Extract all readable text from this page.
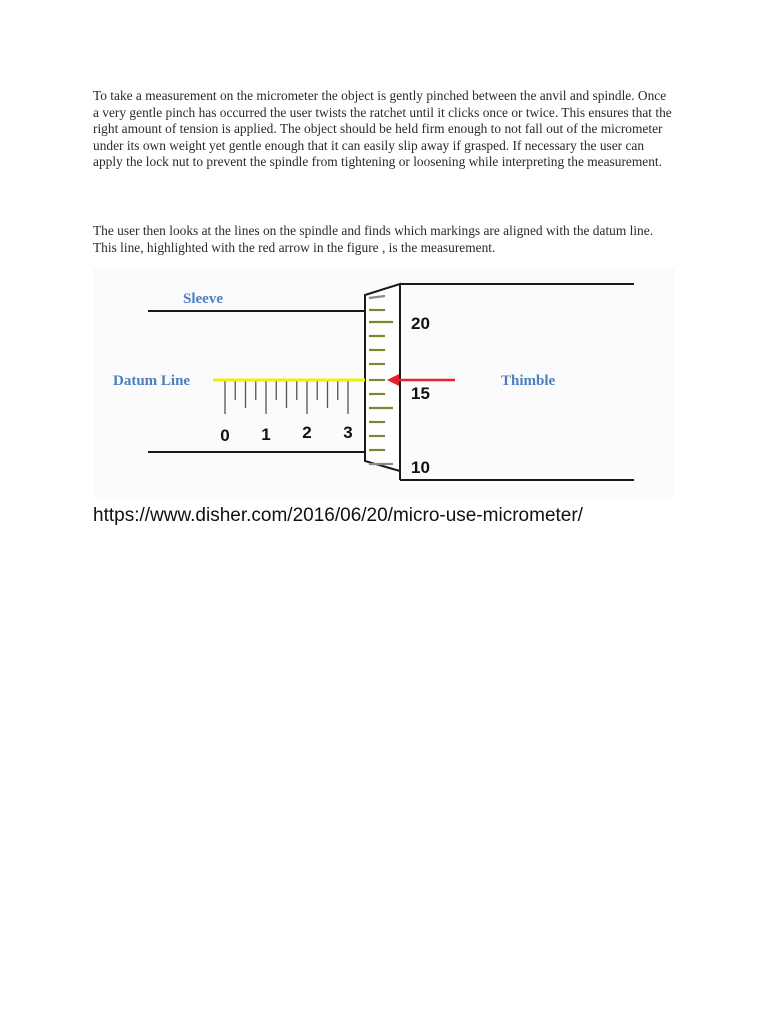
To take a measurement on the micrometer the object is gently pinched between the anvil and spindle. Once a very gentle pinch has occurred the user twists the ratchet until it clicks once or twice. This ensures that the right amount of tension is applied. The object should be held firm enough to not fall out of the micrometer under its own weight yet gentle enough that it can easily slip away if grasped. If necessary the user can apply the lock nut to prevent the spindle from tightening or loosening while interpreting the measurement.

The user then looks at the lines on the spindle and finds which markings are aligned with the datum line. This line, highlighted with the red arrow in the figure , is the measurement.

Sleeve
Datum Line	Thimble
0 1 2 3
20
15
10
https://www.disher.com/2016/06/20/micro-use-micrometer/
